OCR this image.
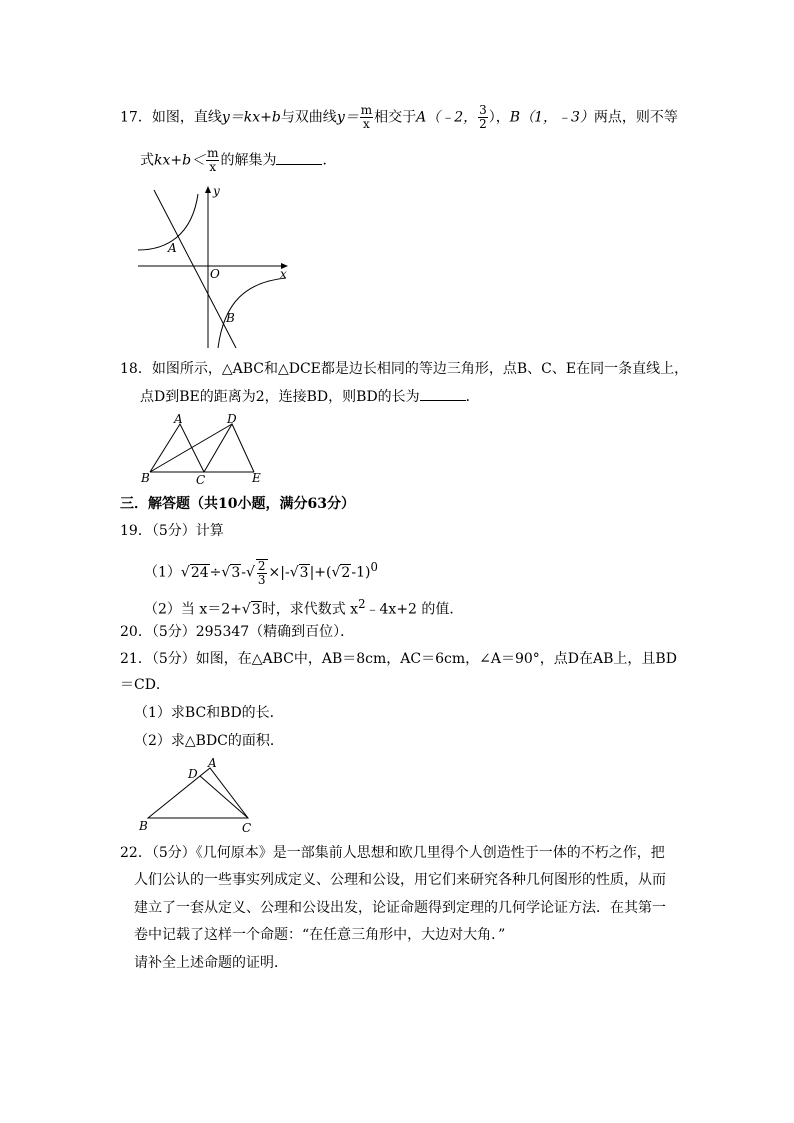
17．如图，直线y＝kx+b与双曲线$y= \frac{m}{x}$ 相交于A（﹣2， $\frac{3}{2}$ ），B（1，﹣3）两点，则不等
式$kx+b< \frac{m}{x}$ 的解集为	．
y
A
O	x
B
18．如图所示，△ABC和△DCE都是边长相同的等边三角形，点B、C、E在同一条直线上，
点D到BE的距离为2，连接BD，则BD的长为	．
A	D
B	C	E
三．解答题（共10小题，满分63分）
19．（5分）计算
$(1)√24\div√3-√ \frac{2}{3} \times|-√3|+(√2-1)^0$
（2）当 x＝2+√3时，求代数式 $x^2﹣4x+2$ 的值．
20．（5分）295347（精确到百位）．
21．（5分）如图，在△ABC中，AB＝8cm，AC＝6cm，∠A＝90°，点D在AB上，且BD
＝CD．
（1）求BC和BD的长．
（2）求△BDC的面积．
A
D
B	C
22．（5分）《几何原本》是一部集前人思想和欧几里得个人创造性于一体的不朽之作，把
人们公认的一些事实列成定义、公理和公设，用它们来研究各种几何图形的性质，从而
建立了一套从定义、公理和公设出发，论证命题得到定理的几何学论证方法．在其第一
卷中记载了这样一个命题：“在任意三角形中，大边对大角．”
请补全上述命题的证明．
